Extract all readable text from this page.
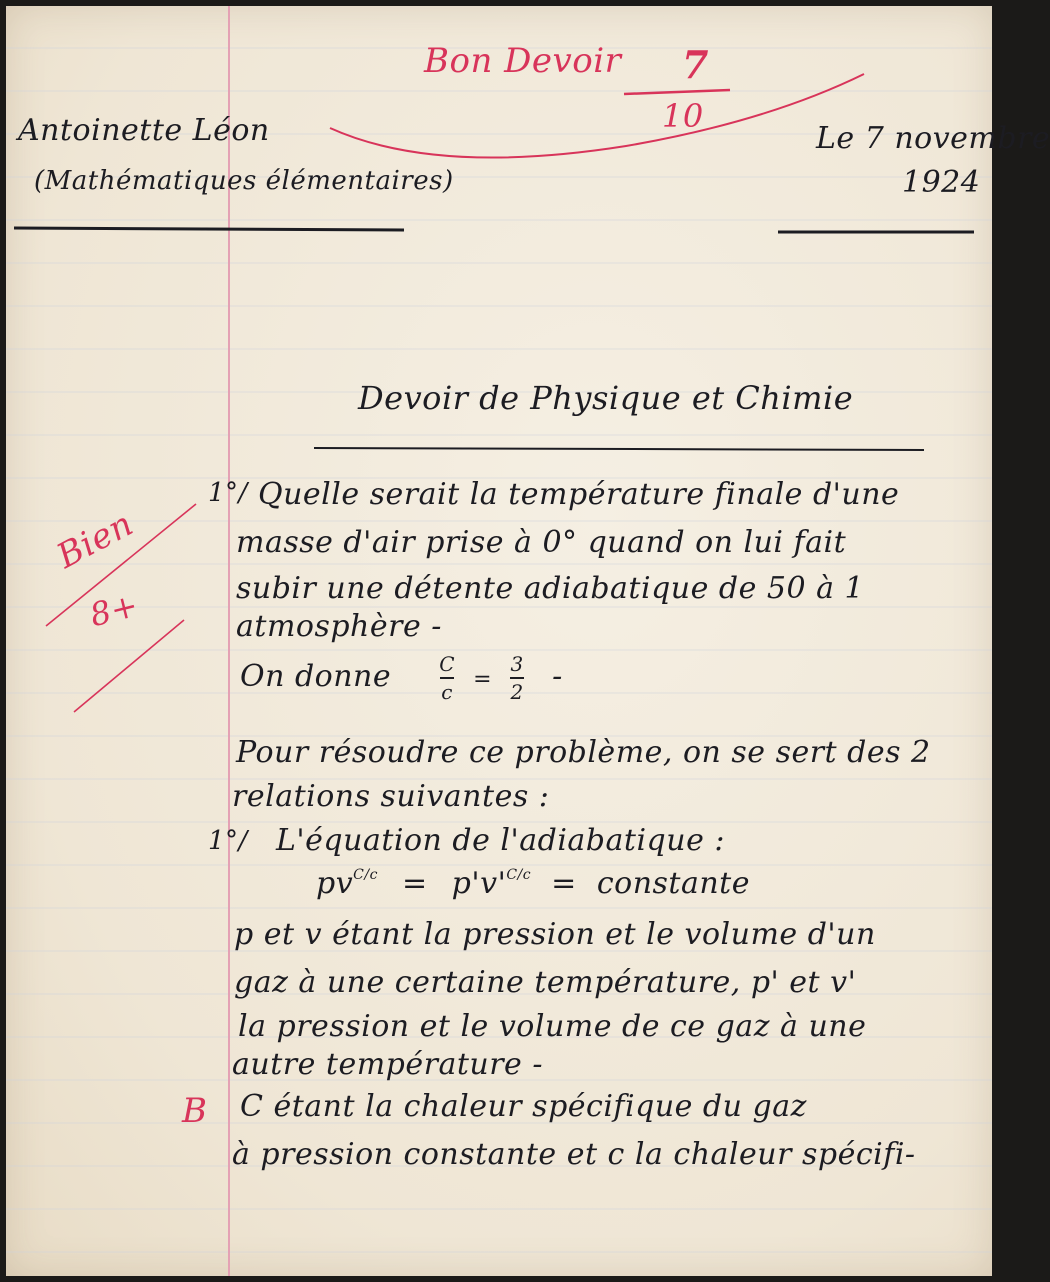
Antoinette Léon
(Mathématiques élémentaires)
Le 7 novembre
1924
Bon Devoir 7
10
Devoir de Physique et Chimie
Bien
8+
B
1°/ Quelle serait la température finale d'une
masse d'air prise à 0° quand on lui fait
subir une détente adiabatique de 50 à 1
atmosphère -
On donne $\frac{C}{c} = \frac{3}{2}$ -
Pour résoudre ce problème, on se sert des 2
relations suivantes :
1°/ L'équation de l'adiabatique :
$pv^{C/c} = p'v'^{C/c}$ = constante
p et v étant la pression et le volume d'un
gaz à une certaine température, p' et v'
la pression et le volume de ce gaz à une
autre température -
C étant la chaleur spécifique du gaz
à pression constante et c la chaleur spécifi-
